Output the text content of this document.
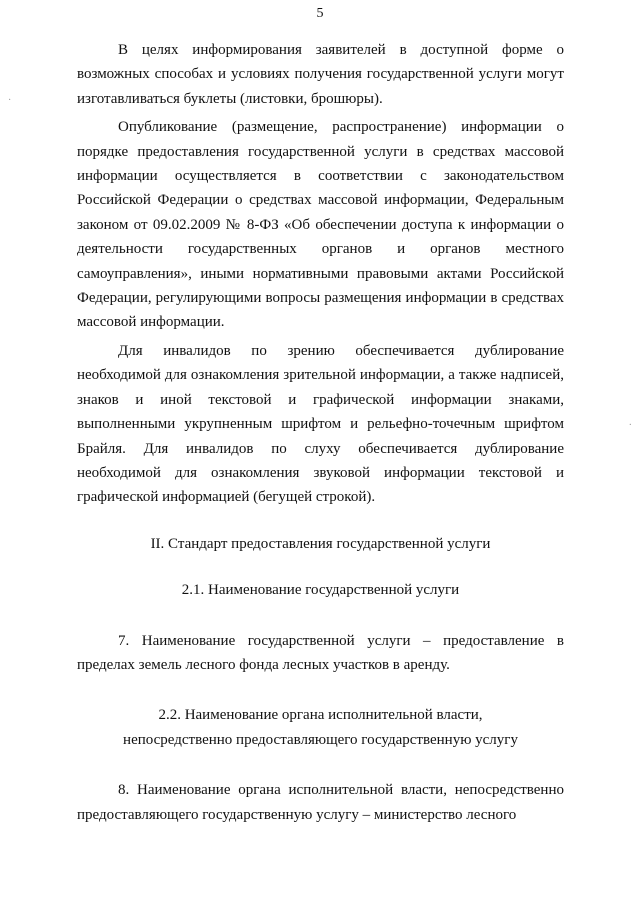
5

В целях информирования заявителей в доступной форме о возможных способах и условиях получения государственной услуги могут изготавливаться буклеты (листовки, брошюры).

Опубликование (размещение, распространение) информации о порядке предоставления государственной услуги в средствах массовой информации осуществляется в соответствии с законодательством Российской Федерации о средствах массовой информации, Федеральным законом от 09.02.2009 № 8-ФЗ «Об обеспечении доступа к информации о деятельности государственных органов и органов местного самоуправления», иными нормативными правовыми актами Российской Федерации, регулирующими вопросы размещения информации в средствах массовой информации.

Для инвалидов по зрению обеспечивается дублирование необходимой для ознакомления зрительной информации, а также надписей, знаков и иной текстовой и графической информации знаками, выполненными укрупненным шрифтом и рельефно-точечным шрифтом Брайля. Для инвалидов по слуху обеспечивается дублирование необходимой для ознакомления звуковой информации текстовой и графической информацией (бегущей строкой).

II. Стандарт предоставления государственной услуги

2.1. Наименование государственной услуги

7. Наименование государственной услуги – предоставление в пределах земель лесного фонда лесных участков в аренду.

2.2. Наименование органа исполнительной власти,

непосредственно предоставляющего государственную услугу

8. Наименование органа исполнительной власти, непосредственно предоставляющего государственную услугу – министерство лесного

·
·
